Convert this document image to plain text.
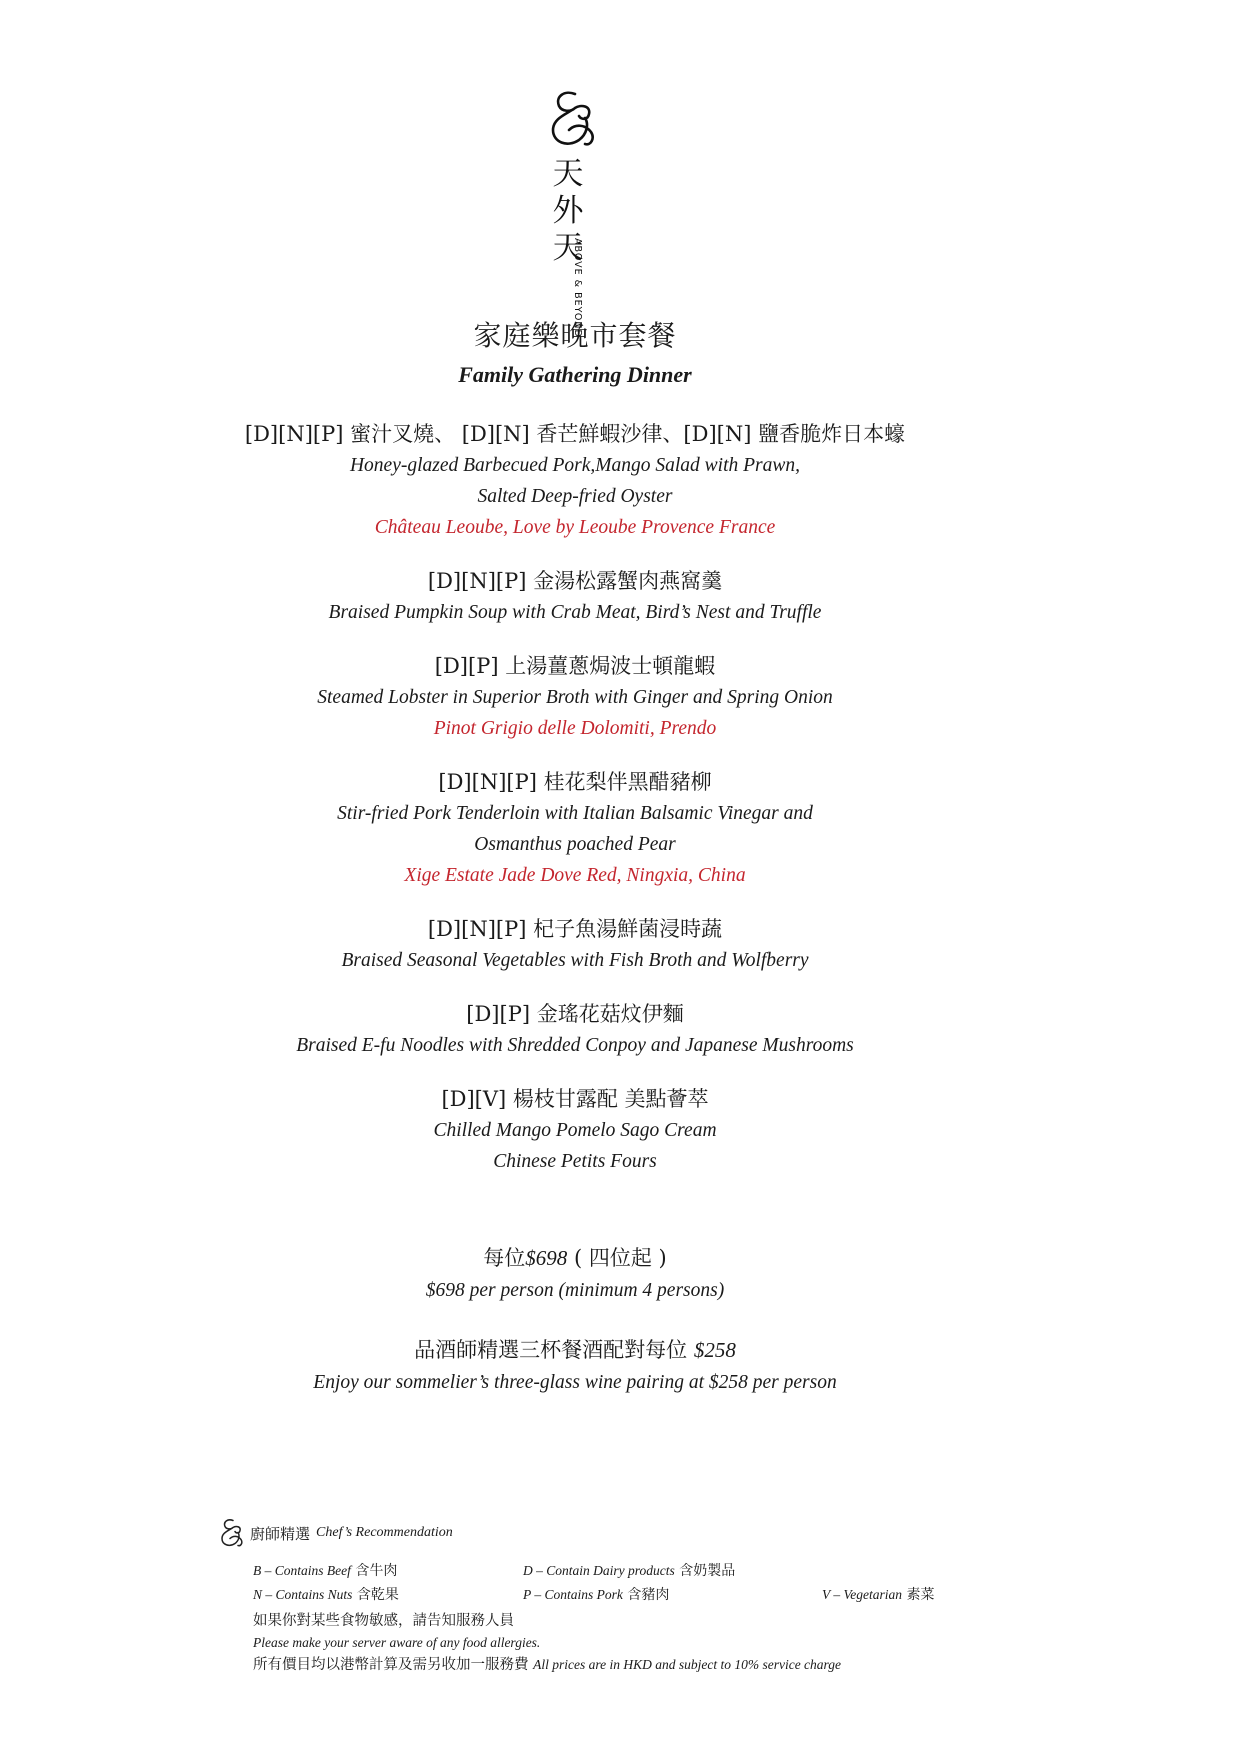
天外天
ABOVE & BEYOND
家庭樂晚市套餐
Family Gathering Dinner
[D][N][P] 蜜汁叉燒、 [D][N] 香芒鮮蝦沙律、[D][N] 鹽香脆炸日本蠔
Honey-glazed Barbecued Pork,Mango Salad with Prawn,
Salted Deep-fried Oyster
Château Leoube, Love by Leoube Provence France
[D][N][P] 金湯松露蟹肉燕窩羹
Braised Pumpkin Soup with Crab Meat, Bird’s Nest and Truffle
[D][P] 上湯薑蔥焗波士頓龍蝦
Steamed Lobster in Superior Broth with Ginger and Spring Onion
Pinot Grigio delle Dolomiti, Prendo
[D][N][P] 桂花梨伴黑醋豬柳
Stir-fried Pork Tenderloin with Italian Balsamic Vinegar and
Osmanthus poached Pear
Xige Estate Jade Dove Red, Ningxia, China
[D][N][P] 杞子魚湯鮮菌浸時蔬
Braised Seasonal Vegetables with Fish Broth and Wolfberry
[D][P] 金瑤花菇炆伊麵
Braised E-fu Noodles with Shredded Conpoy and Japanese Mushrooms
[D][V] 楊枝甘露配 美點薈萃
Chilled Mango Pomelo Sago Cream
Chinese Petits Fours
每位$698 ( 四位起 )
$698 per person (minimum 4 persons)
品酒師精選三杯餐酒配對每位 $258
Enjoy our sommelier’s three-glass wine pairing at $258 per person
廚師精選 Chef’s Recommendation
B – Contains Beef 含牛肉	D – Contain Dairy products 含奶製品
N – Contains Nuts 含乾果	P – Contains Pork 含豬肉	V – Vegetarian 素菜
如果你對某些食物敏感，請告知服務人員
Please make your server aware of any food allergies.
所有價目均以港幣計算及需另收加一服務費 All prices are in HKD and subject to 10% service charge
